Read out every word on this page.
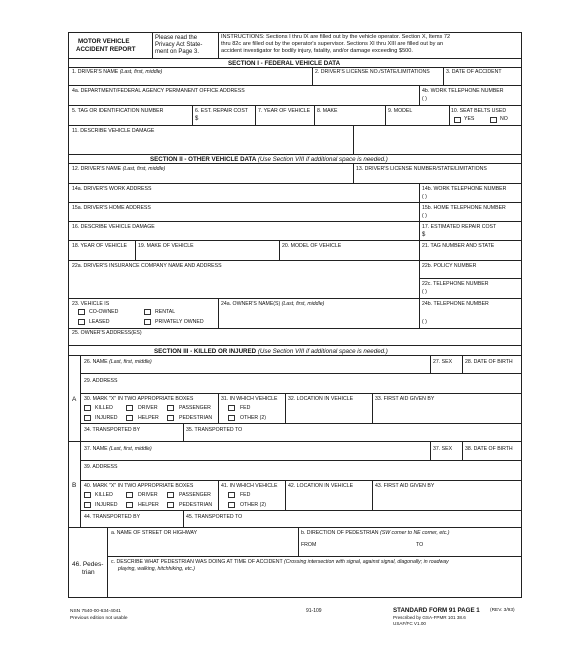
MOTOR VEHICLE
ACCIDENT REPORT
Please read the
Privacy Act State-
ment on Page 3.
INSTRUCTIONS: Sections I thru IX are filled out by the vehicle operator. Section X, Items 72
thru 82c are filled out by the operator's supervisor. Sections XI thru XIII are filled out by an
accident investigator for bodily injury, fatality, and/or damage exceeding $500.
SECTION I - FEDERAL VEHICLE DATA
1. DRIVER'S NAME (Last, first, middle)	2. DRIVER'S LICENSE NO./STATE/LIMITATIONS	3. DATE OF ACCIDENT
4a. DEPARTMENT/FEDERAL AGENCY PERMANENT OFFICE ADDRESS	4b. WORK TELEPHONE NUMBER
( )
5. TAG OR IDENTIFICATION NUMBER	6. EST. REPAIR COST
$
7. YEAR OF VEHICLE 8. MAKE	9. MODEL	10. SEAT BELTS USED
YES	NO
11. DESCRIBE VEHICLE DAMAGE
SECTION II - OTHER VEHICLE DATA (Use Section VIII if additional space is needed.)
12. DRIVER'S NAME (Last, first, middle)	13. DRIVER'S LICENSE NUMBER/STATE/LIMITATIONS
14a. DRIVER'S WORK ADDRESS	14b. WORK TELEPHONE NUMBER
( )
15a. DRIVER'S HOME ADDRESS	15b. HOME TELEPHONE NUMBER
( )
16. DESCRIBE VEHICLE DAMAGE	17. ESTIMATED REPAIR COST
$
18. YEAR OF VEHICLE 19. MAKE OF VEHICLE	20. MODEL OF VEHICLE	21. TAG NUMBER AND STATE
22a. DRIVER'S INSURANCE COMPANY NAME AND ADDRESS	22b. POLICY NUMBER
22c. TELEPHONE NUMBER
( )
23. VEHICLE IS
CO-OWNED	RENTAL
LEASED	PRIVATELY OWNED
24a. OWNER'S NAME(S) (Last, first, middle)	24b. TELEPHONE NUMBER
( )
25. OWNER'S ADDRESS(ES)
SECTION III - KILLED OR INJURED (Use Section VIII if additional space is needed.)
A
B
26. NAME (Last, first, middle)	27. SEX 28. DATE OF BIRTH
29. ADDRESS
30. MARK "X" IN TWO APPROPRIATE BOXES
KILLED	DRIVER	PASSENGER
INJURED	HELPER	PEDESTRIAN
31. IN WHICH VEHICLE
FED
OTHER (2)
32. LOCATION IN VEHICLE	33. FIRST AID GIVEN BY
34. TRANSPORTED BY	35. TRANSPORTED TO
37. NAME (Last, first, middle)	37. SEX 38. DATE OF BIRTH
39. ADDRESS
40. MARK "X" IN TWO APPROPRIATE BOXES
KILLED	DRIVER	PASSENGER
INJURED	HELPER	PEDESTRIAN
41. IN WHICH VEHICLE
FED
OTHER (2)
42. LOCATION IN VEHICLE	43. FIRST AID GIVEN BY
44. TRANSPORTED BY	45. TRANSPORTED TO
46. Pedes-
trian
a. NAME OF STREET OR HIGHWAY	b. DIRECTION OF PEDESTRIAN (SW corner to NE corner, etc.)
FROM	TO
c. DESCRIBE WHAT PEDESTRIAN WAS DOING AT TIME OF ACCIDENT (Crossing intersection with signal, against signal, diagonally; in roadway
playing, walking, hitchhiking, etc.)
NSN 7540-00-634-4041
Previous edition not usable
91-109	STANDARD FORM 91 PAGE 1 (REV. 3/93)
Prescribed by GSA-FPMR 101 38.6
USAF/FC V1.00
